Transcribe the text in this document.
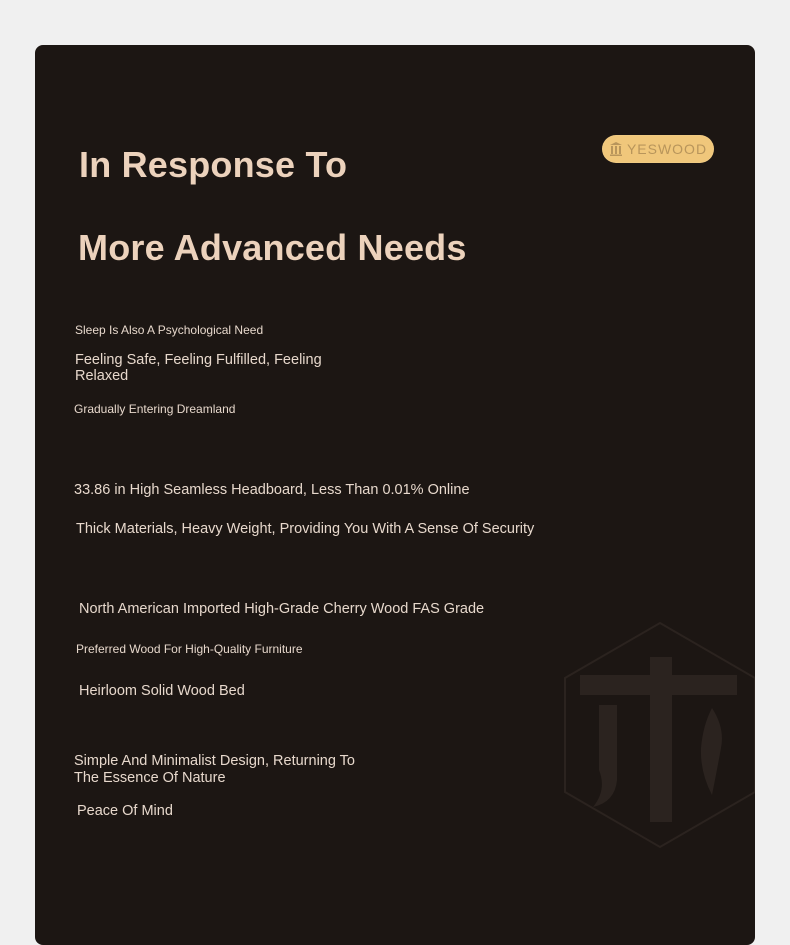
YESWOOD
In Response To
More Advanced Needs
Sleep Is Also A Psychological Need
Feeling Safe, Feeling Fulfilled, Feeling
Relaxed
Gradually Entering Dreamland
33.86 in High Seamless Headboard, Less Than 0.01% Online
Thick Materials, Heavy Weight, Providing You With A Sense Of Security
North American Imported High-Grade Cherry Wood FAS Grade
Preferred Wood For High-Quality Furniture
Heirloom Solid Wood Bed
Simple And Minimalist Design, Returning To
The Essence Of Nature
Peace Of Mind
